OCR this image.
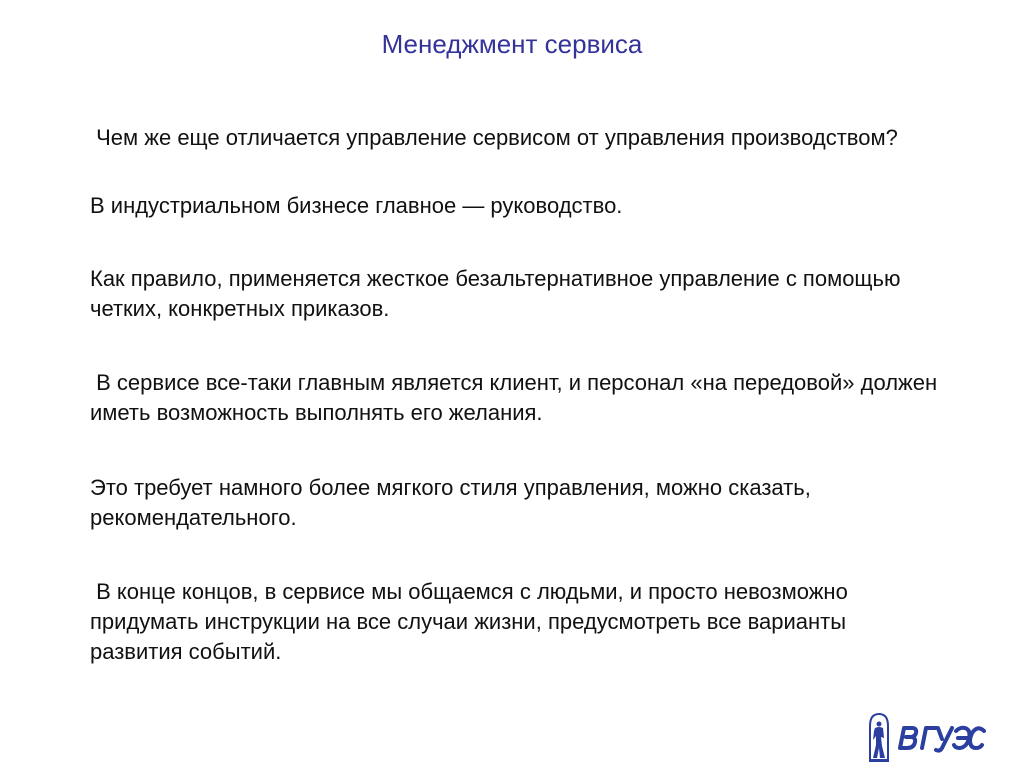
Менеджмент сервиса

Чем же еще отличается управление сервисом от управления производством?

В индустриальном бизнесе главное — руководство.

Как правило, применяется жесткое безальтернативное управление с помощью четких, конкретных приказов.

В сервисе все-таки главным является клиент, и персонал «на передовой» должен иметь возможность выполнять его желания.

Это требует намного более мягкого стиля управления, можно сказать, рекомендательного.

В конце концов, в сервисе мы общаемся с людьми, и просто невозможно придумать инструкции на все случаи жизни, предусмотреть все варианты развития событий.
